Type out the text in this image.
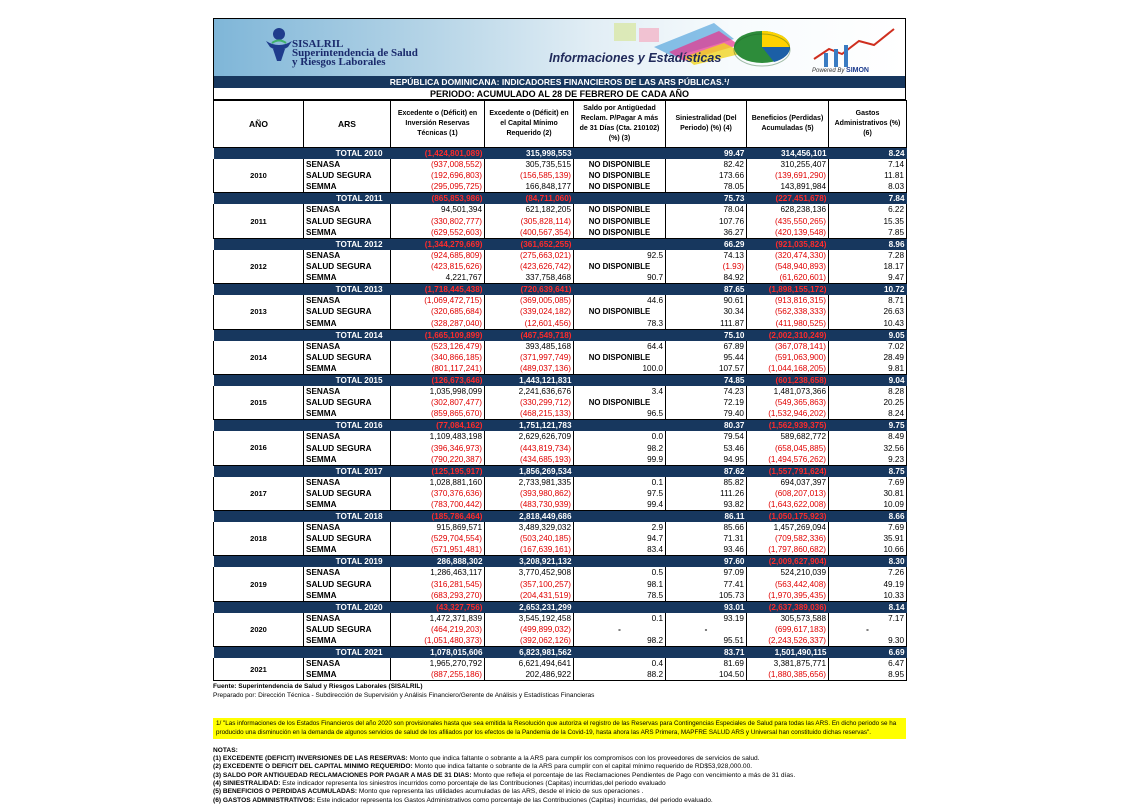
SISALRIL
Superintendencia de Salud
y Riesgos Laborales	Informaciones y Estadísticas
Powered By SIMON
REPÚBLICA DOMINICANA: INDICADORES FINANCIEROS DE LAS ARS PÚBLICAS.¹/
PERIODO: ACUMULADO AL 28 DE FEBRERO DE CADA AÑO
AÑO	ARS	Excedente o (Déficit) en Inversión Reservas Técnicas (1)	Excedente o (Déficit) en el Capital Mínimo Requerido (2)	Saldo por Antigüedad Reclam. P/Pagar A más de 31 Días (Cta. 210102) (%) (3)	Siniestralidad (Del Periodo) (%) (4)	Beneficios (Perdidas) Acumuladas (5)	Gastos Administrativos (%) (6)
TOTAL 2010		(1,424,801,089)	315,998,553		99.47	314,456,101	8.24
2010	SENASA	(937,008,552)	305,735,515	NO DISPONIBLE	82.42	310,255,407	7.14
	SALUD SEGURA	(192,696,803)	(156,585,139)	NO DISPONIBLE	173.66	(139,691,290)	11.81
	SEMMA	(295,095,725)	166,848,177	NO DISPONIBLE	78.05	143,891,984	8.03
TOTAL 2011		(865,853,986)	(84,711,060)		75.73	(227,451,678)	7.84
2011	SENASA	94,501,394	621,182,205	NO DISPONIBLE	78.04	628,238,136	6.22
	SALUD SEGURA	(330,802,777)	(305,828,114)	NO DISPONIBLE	107.76	(435,550,265)	15.35
	SEMMA	(629,552,603)	(400,567,354)	NO DISPONIBLE	36.27	(420,139,548)	7.85
TOTAL 2012		(1,344,279,669)	(361,652,255)		66.29	(921,035,824)	8.96
2012	SENASA	(924,685,809)	(275,663,021)	92.5	74.13	(320,474,330)	7.28
	SALUD SEGURA	(423,815,626)	(423,626,742)	NO DISPONIBLE	(1.93)	(548,940,893)	18.17
	SEMMA	4,221,767	337,758,468	90.7	84.92	(61,620,601)	9.47
TOTAL 2013		(1,718,445,438)	(720,639,641)		87.65	(1,898,155,172)	10.72
2013	SENASA	(1,069,472,715)	(369,005,085)	44.6	90.61	(913,816,315)	8.71
	SALUD SEGURA	(320,685,684)	(339,024,182)	NO DISPONIBLE	30.34	(562,338,333)	26.63
	SEMMA	(328,287,040)	(12,601,456)	78.3	111.87	(411,980,525)	10.43
TOTAL 2014		(1,665,109,899)	(467,549,718)		75.10	(2,002,310,249)	9.05
2014	SENASA	(523,126,479)	393,485,168	64.4	67.89	(367,078,141)	7.02
	SALUD SEGURA	(340,866,185)	(371,997,749)	NO DISPONIBLE	95.44	(591,063,900)	28.49
	SEMMA	(801,117,241)	(489,037,136)	100.0	107.57	(1,044,168,205)	9.81
TOTAL 2015		(126,673,646)	1,443,121,831		74.85	(601,238,658)	9.04
2015	SENASA	1,035,998,099	2,241,636,676	3.4	74.23	1,481,073,366	8.28
	SALUD SEGURA	(302,807,477)	(330,299,712)	NO DISPONIBLE	72.19	(549,365,863)	20.25
	SEMMA	(859,865,670)	(468,215,133)	96.5	79.40	(1,532,946,202)	8.24
TOTAL 2016		(77,084,162)	1,751,121,783		80.37	(1,562,939,375)	9.75
2016	SENASA	1,109,483,198	2,629,626,709	0.0	79.54	589,682,772	8.49
	SALUD SEGURA	(396,346,973)	(443,819,734)	98.2	53.46	(658,045,885)	32.56
	SEMMA	(790,220,387)	(434,685,193)	99.9	94.95	(1,494,576,262)	9.23
TOTAL 2017		(125,195,917)	1,856,269,534		87.62	(1,557,791,624)	8.75
2017	SENASA	1,028,881,160	2,733,981,335	0.1	85.82	694,037,397	7.69
	SALUD SEGURA	(370,376,636)	(393,980,862)	97.5	111.26	(608,207,013)	30.81
	SEMMA	(783,700,442)	(483,730,939)	99.4	93.82	(1,643,622,008)	10.09
TOTAL 2018		(185,786,464)	2,818,449,686		86.11	(1,050,175,923)	8.66
2018	SENASA	915,869,571	3,489,329,032	2.9	85.66	1,457,269,094	7.69
	SALUD SEGURA	(529,704,554)	(503,240,185)	94.7	71.31	(709,582,336)	35.91
	SEMMA	(571,951,481)	(167,639,161)	83.4	93.46	(1,797,860,682)	10.66
TOTAL 2019		286,888,302	3,208,921,132		97.60	(2,009,627,904)	8.30
2019	SENASA	1,286,463,117	3,770,452,908	0.5	97.09	524,210,039	7.26
	SALUD SEGURA	(316,281,545)	(357,100,257)	98.1	77.41	(563,442,408)	49.19
	SEMMA	(683,293,270)	(204,431,519)	78.5	105.73	(1,970,395,435)	10.33
TOTAL 2020		(43,327,756)	2,653,231,299		93.01	(2,637,389,036)	8.14
2020	SENASA	1,472,371,839	3,545,192,458	0.1	93.19	305,573,588	7.17
	SALUD SEGURA	(464,219,203)	(499,899,032)	-	-	(699,617,183)	-
	SEMMA	(1,051,480,373)	(392,062,126)	98.2	95.51	(2,243,526,337)	9.30
TOTAL 2021		1,078,015,606	6,823,981,562		83.71	1,501,490,115	6.69
2021	SENASA	1,965,270,792	6,621,494,641	0.4	81.69	3,381,875,771	6.47
	SEMMA	(887,255,186)	202,486,922	88.2	104.50	(1,880,385,656)	8.95
Fuente: Superintendencia de Salud y Riesgos Laborales (SISALRIL)
Preparado por: Dirección Técnica - Subdirección de Supervisión y Análisis Financiero/Gerente de Análisis y Estadísticas Financieras
1/ "Las informaciones de los Estados Financieros del año 2020 son provisionales hasta que sea emitida la Resolución que autoriza el registro de las Reservas para Contingencias Especiales de Salud para todas las ARS. En dicho periodo se ha producido una disminución en la demanda de algunos servicios de salud de los afiliados por los efectos de la Pandemia de la Covid-19, hasta ahora las ARS Primera, MAPFRE SALUD ARS y Universal han constituido dichas reservas".
NOTAS:
(1) EXCEDENTE (DEFICIT) INVERSIONES DE LAS RESERVAS: Monto que indica faltante o sobrante a la ARS para cumplir los compromisos con los proveedores de servicios de salud.
(2) EXCEDENTE O DEFICIT DEL CAPITAL MINIMO REQUERIDO: Monto que indica faltante o sobrante de la ARS para cumplir con el capital mínimo requerido de RD$53,928,000.00.
(3) SALDO POR ANTIGUEDAD RECLAMACIONES POR PAGAR A MAS DE 31 DIAS: Monto que refleja el porcentaje de las Reclamaciones Pendientes de Pago con vencimiento a más de 31 días.
(4) SINIESTRALIDAD: Este indicador representa los siniestros incurridos como porcentaje de las Contribuciones (Capitas) incurridas,del periodo evaluado
(5) BENEFICIOS O PERDIDAS ACUMULADAS: Monto que representa las utilidades acumuladas de las ARS, desde el inicio de sus operaciones .
(6) GASTOS ADMINISTRATIVOS: Este indicador representa los Gastos Administrativos como porcentaje de las Contribuciones (Capitas) incurridas, del periodo evaluado.
